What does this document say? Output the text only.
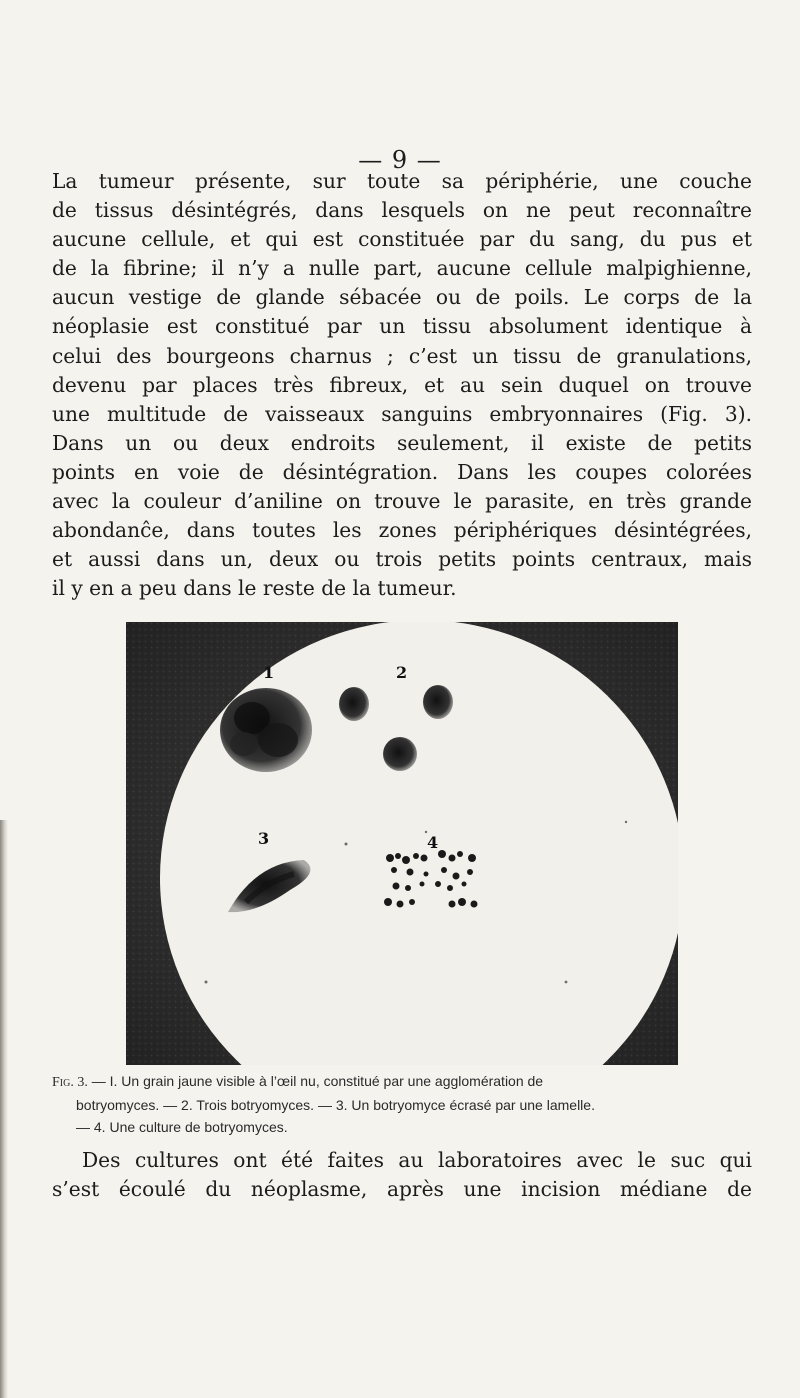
— 9 —

La tumeur présente, sur toute sa périphérie, une couche
de tissus désintégrés, dans lesquels on ne peut reconnaître
aucune cellule, et qui est constituée par du sang, du pus et
de la fibrine; il n’y a nulle part, aucune cellule malpighienne,
aucun vestige de glande sébacée ou de poils. Le corps de la
néoplasie est constitué par un tissu absolument identique à
celui des bourgeons charnus ; c’est un tissu de granulations,
devenu par places très fibreux, et au sein duquel on trouve
une multitude de vaisseaux sanguins embryonnaires (Fig. 3).
Dans un ou deux endroits seulement, il existe de petits
points en voie de désintégration. Dans les coupes colorées
avec la couleur d’aniline on trouve le parasite, en très grande
abondanĉe, dans toutes les zones périphériques désintégrées,
et aussi dans un, deux ou trois petits points centraux, mais
il y en a peu dans le reste de la tumeur.

1	2
3	4
Fig. 3. — I. Un grain jaune visible à l’œil nu, constitué par une agglomération de
botryomyces. — 2. Trois botryomyces. — 3. Un botryomyce écrasé par une lamelle.
— 4. Une culture de botryomyces.

Des cultures ont été faites au laboratoires avec le suc qui
s’est écoulé du néoplasme, après une incision médiane de
